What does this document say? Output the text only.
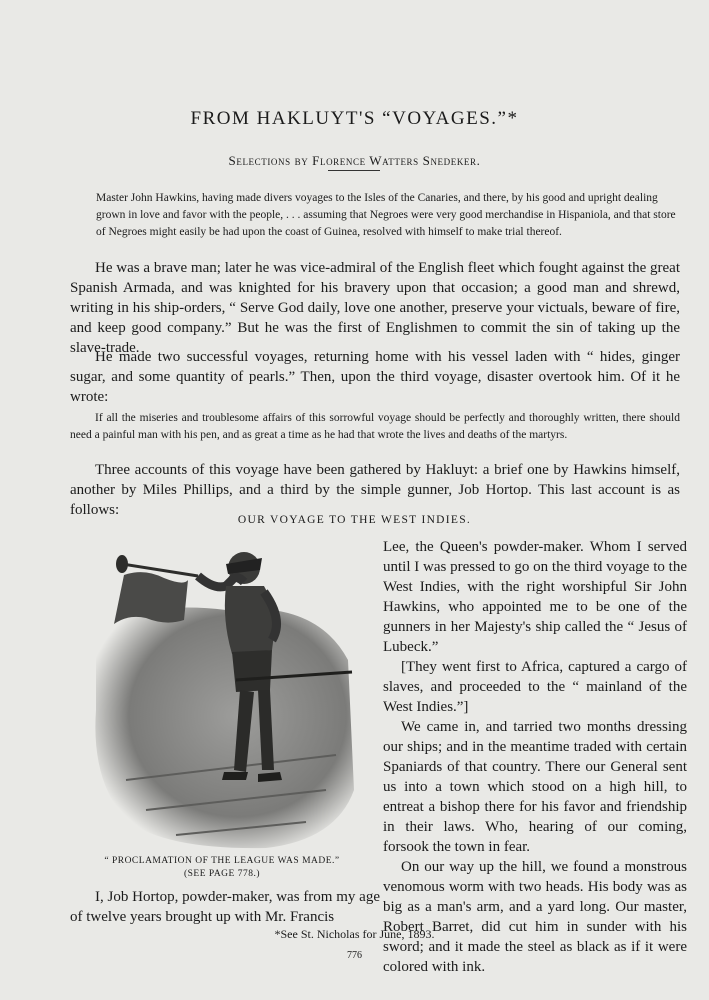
FROM HAKLUYT'S “VOYAGES.”*
Selections by Florence Watters Snedeker.
Master John Hawkins, having made divers voyages to the Isles of the Canaries, and there, by his good and upright dealing grown in love and favor with the people, . . . assuming that Negroes were very good merchandise in Hispaniola, and that store of Negroes might easily be had upon the coast of Guinea, resolved with himself to make trial thereof.
He was a brave man; later he was vice-admiral of the English fleet which fought against the great Spanish Armada, and was knighted for his bravery upon that occasion; a good man and shrewd, writing in his ship-orders, “ Serve God daily, love one another, preserve your victuals, beware of fire, and keep good company.” But he was the first of Englishmen to commit the sin of taking up the slave-trade.
He made two successful voyages, returning home with his vessel laden with “ hides, ginger sugar, and some quantity of pearls.” Then, upon the third voyage, disaster overtook him. Of it he wrote:
If all the miseries and troublesome affairs of this sorrowful voyage should be perfectly and thoroughly written, there should need a painful man with his pen, and as great a time as he had that wrote the lives and deaths of the martyrs.
Three accounts of this voyage have been gathered by Hakluyt: a brief one by Hawkins himself, another by Miles Phillips, and a third by the simple gunner, Job Hortop. This last account is as follows:
OUR VOYAGE TO THE WEST INDIES.
“ PROCLAMATION OF THE LEAGUE WAS MADE.”
(SEE PAGE 778.)
I, Job Hortop, powder-maker, was from my age of twelve years brought up with Mr. Francis

Lee, the Queen's powder-maker. Whom I served until I was pressed to go on the third voyage to the West Indies, with the right worshipful Sir John Hawkins, who appointed me to be one of the gunners in her Majesty's ship called the “ Jesus of Lubeck.”

[They went first to Africa, captured a cargo of slaves, and proceeded to the “ mainland of the West Indies.”]

We came in, and tarried two months dressing our ships; and in the meantime traded with certain Spaniards of that country. There our General sent us into a town which stood on a high hill, to entreat a bishop there for his favor and friendship in their laws. Who, hearing of our coming, forsook the town in fear.

On our way up the hill, we found a monstrous venomous worm with two heads. His body was as big as a man's arm, and a yard long. Our master, Robert Barret, did cut him in sunder with his sword; and it made the steel as black as if it were colored with ink.

*See St. Nicholas for June, 1893.
776
